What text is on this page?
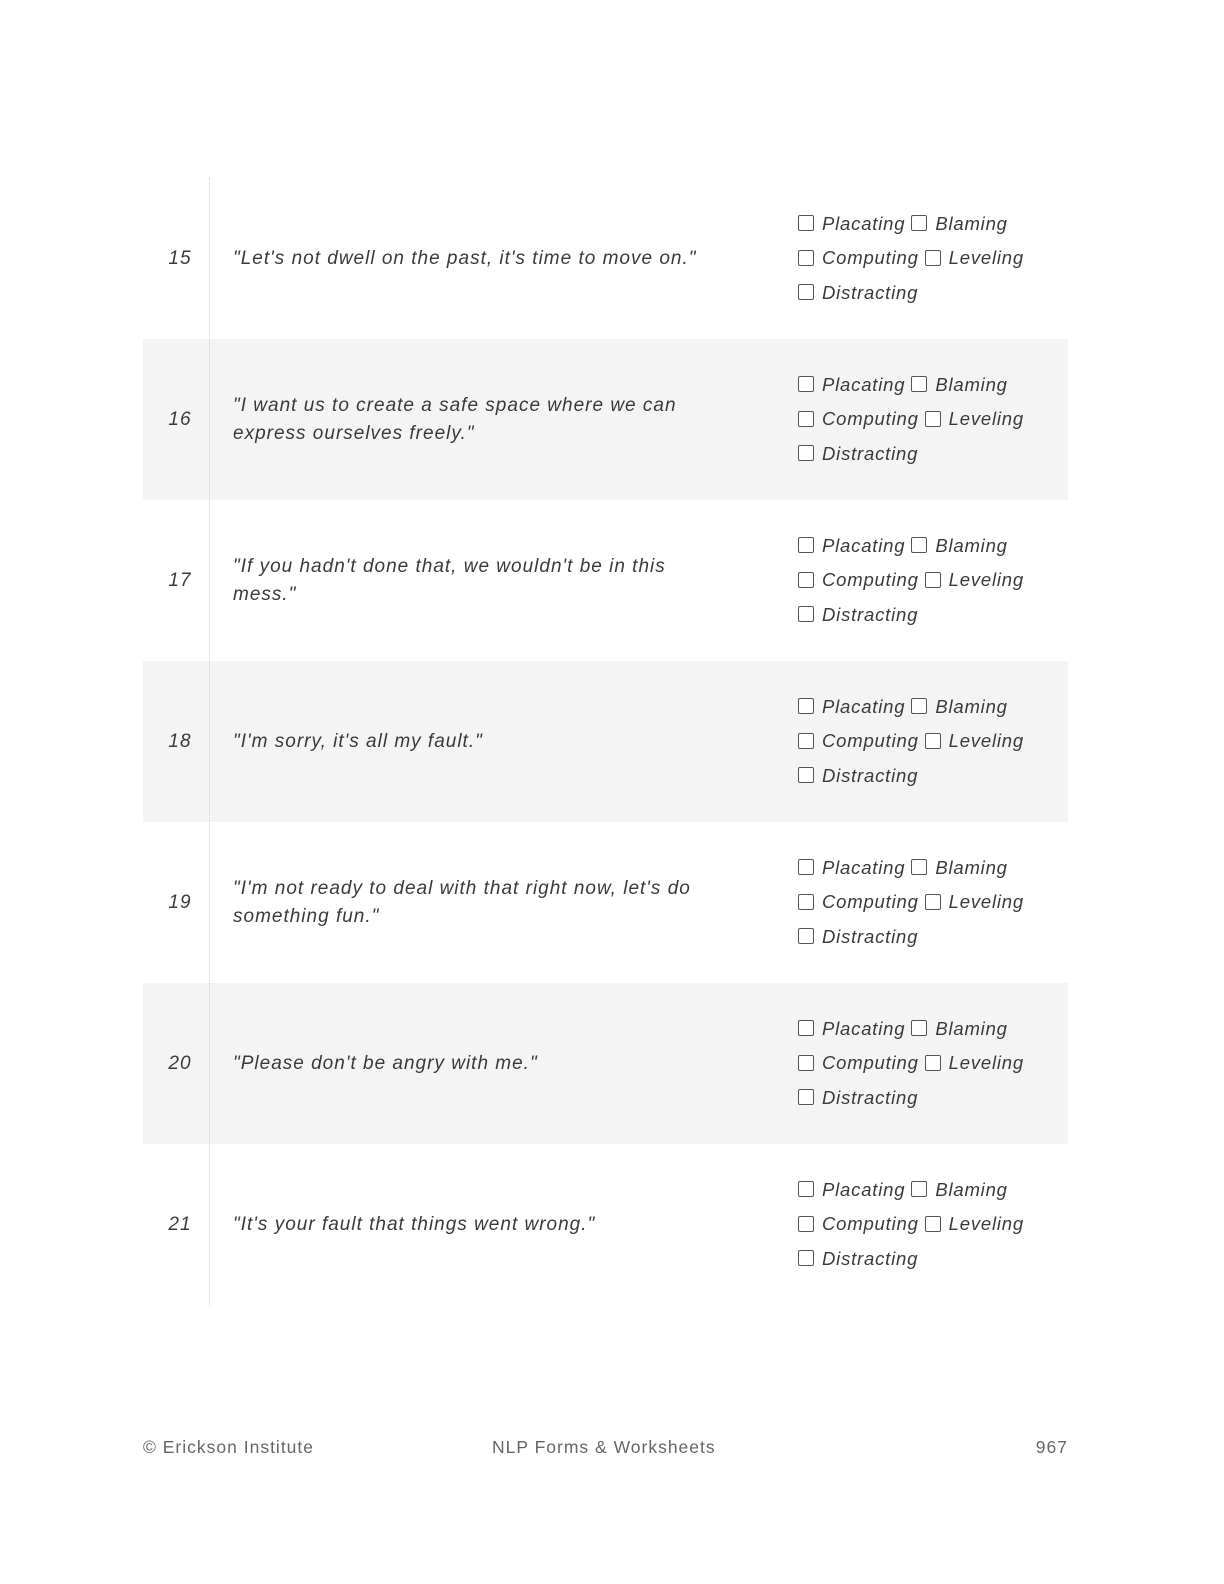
15	"Let's not dwell on the past, it's time to move on."
Placating Blaming
Computing Leveling
Distracting
16
"I want us to create a safe space where we can
express ourselves freely."
Placating Blaming
Computing Leveling
Distracting
17
"If you hadn't done that, we wouldn't be in this
mess."
Placating Blaming
Computing Leveling
Distracting
18	"I'm sorry, it's all my fault."
Placating Blaming
Computing Leveling
Distracting
19
"I'm not ready to deal with that right now, let's do
something fun."
Placating Blaming
Computing Leveling
Distracting
20	"Please don't be angry with me."
Placating Blaming
Computing Leveling
Distracting
21	"It's your fault that things went wrong."
Placating Blaming
Computing Leveling
Distracting
© Erickson Institute	NLP Forms & Worksheets	967
